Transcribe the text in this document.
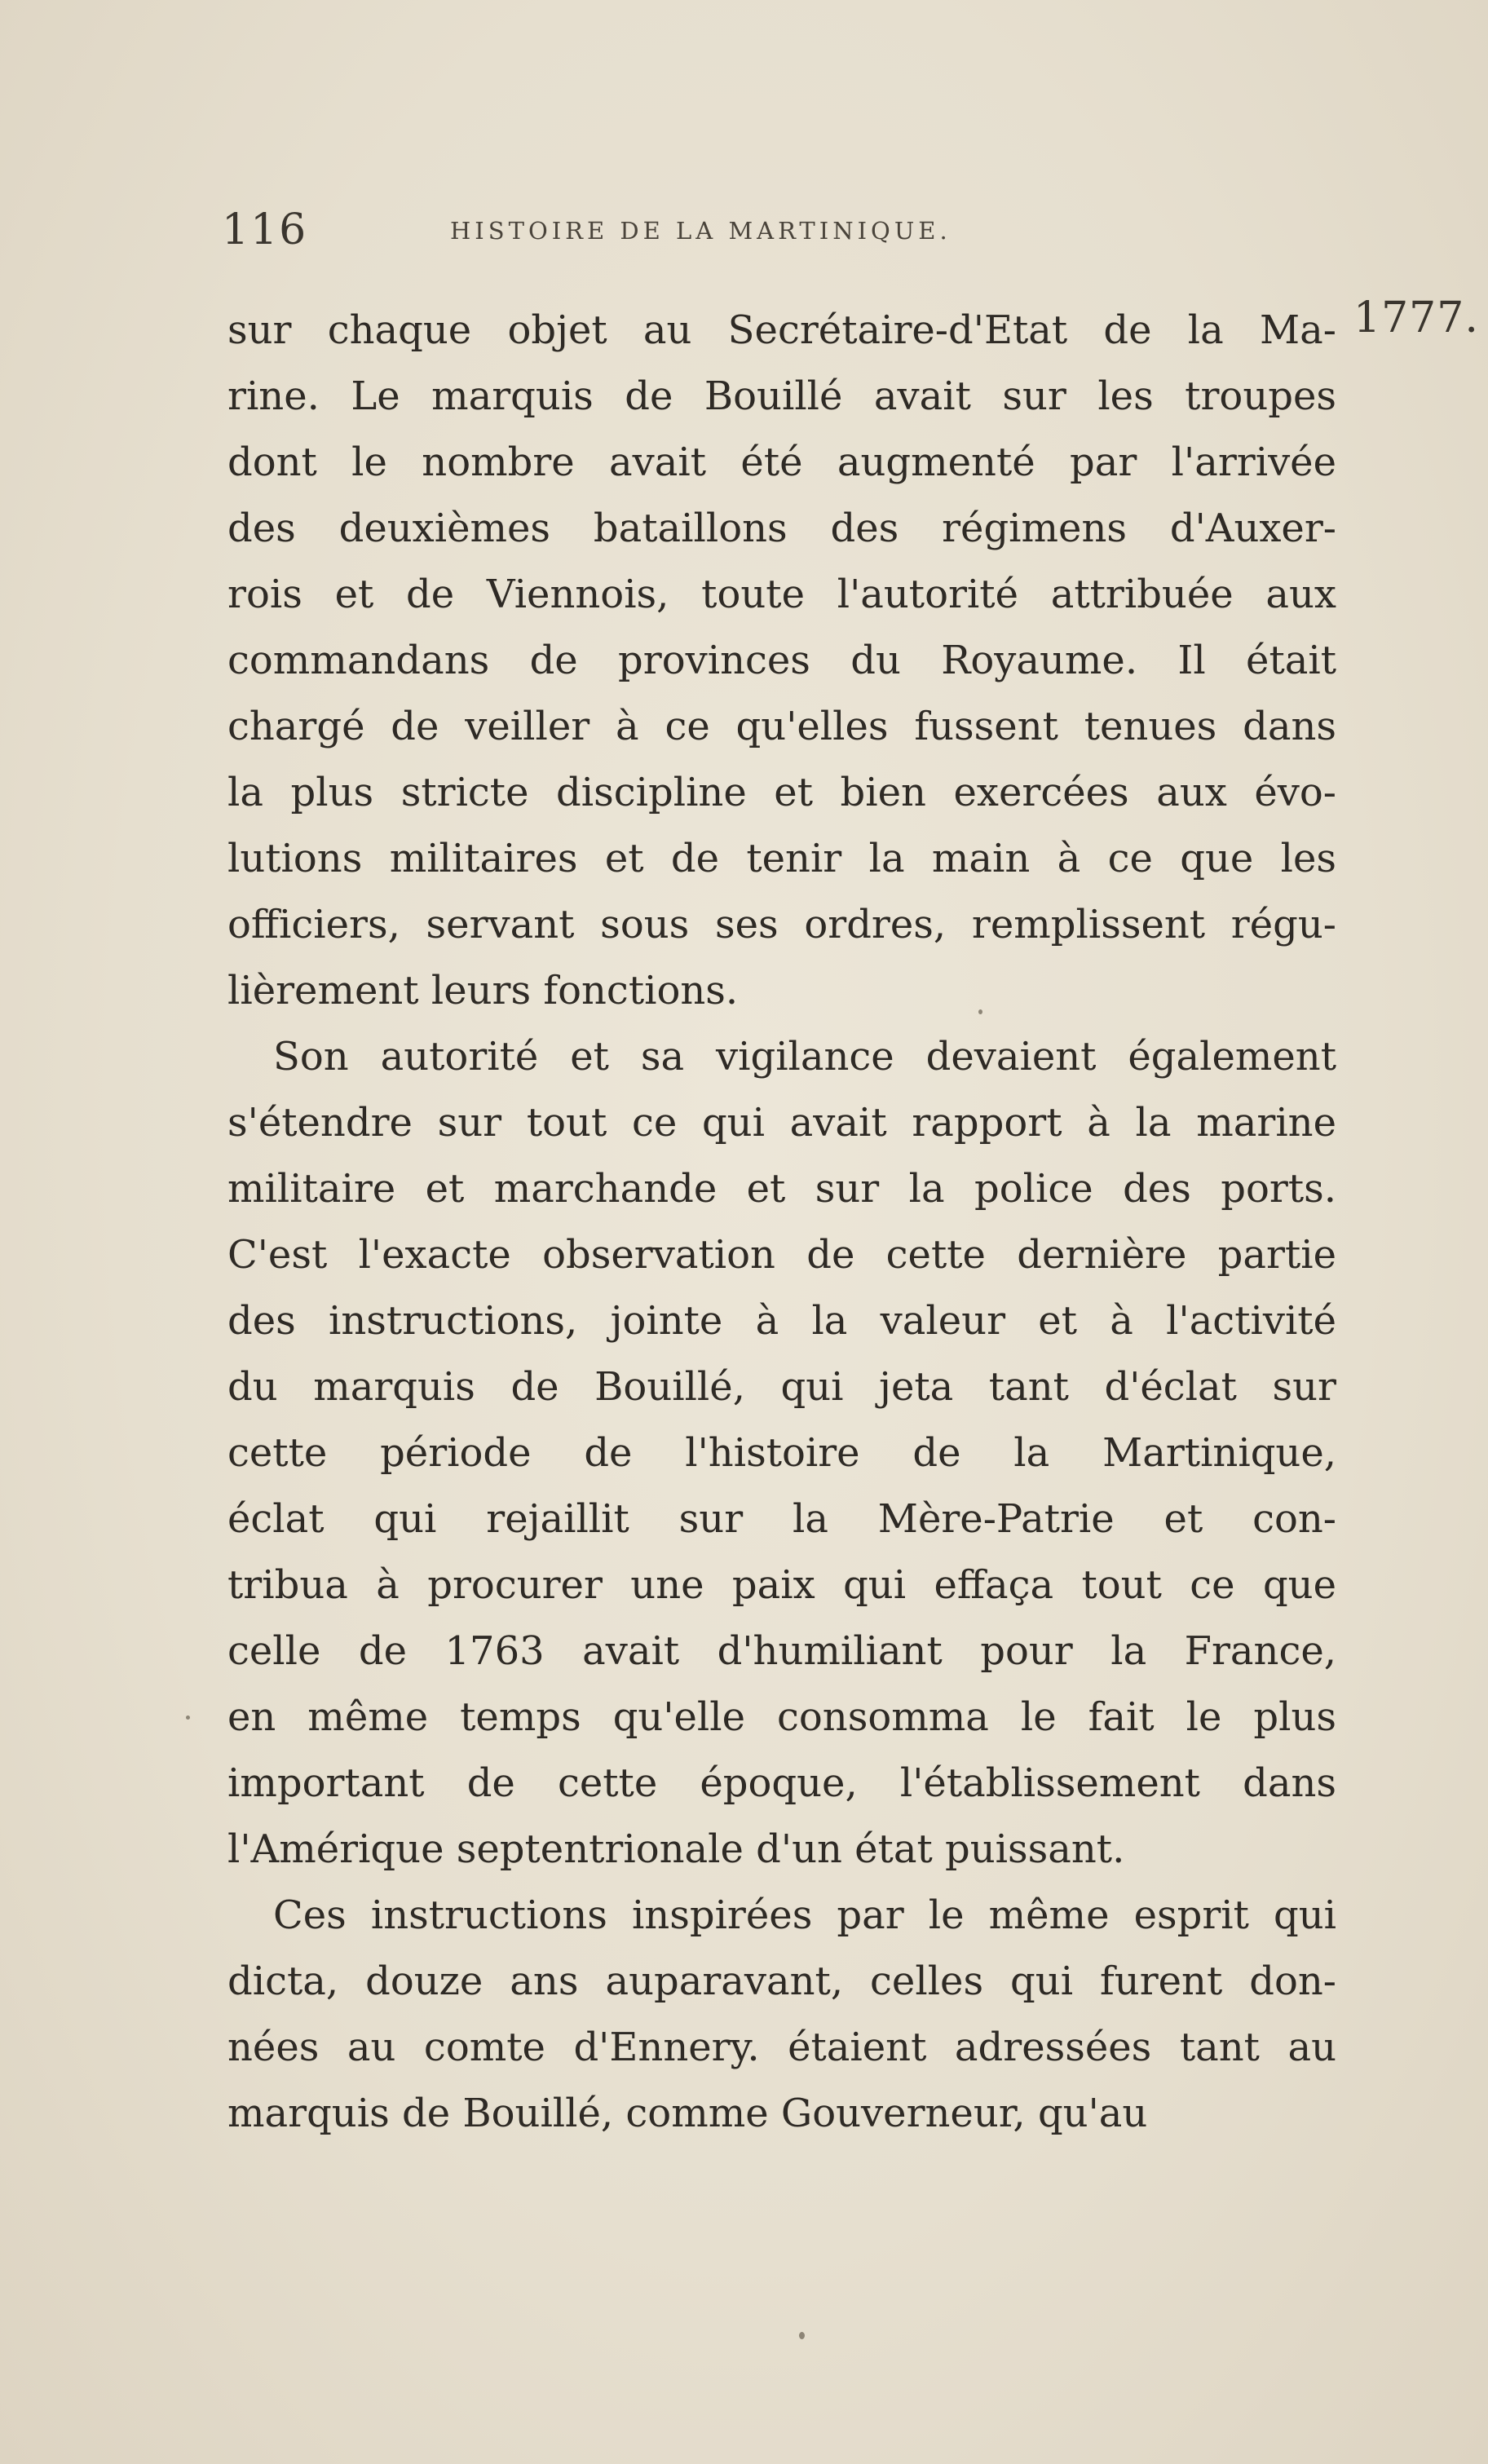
116	HISTOIRE DE LA MARTINIQUE.
1777.
sur chaque objet au Secrétaire-d'Etat de la Ma-
rine. Le marquis de Bouillé avait sur les troupes
dont le nombre avait été augmenté par l'arrivée
des deuxièmes bataillons des régimens d'Auxer-
rois et de Viennois, toute l'autorité attribuée aux
commandans de provinces du Royaume. Il était
chargé de veiller à ce qu'elles fussent tenues dans
la plus stricte discipline et bien exercées aux évo-
lutions militaires et de tenir la main à ce que les
officiers, servant sous ses ordres, remplissent régu-
lièrement leurs fonctions.
Son autorité et sa vigilance devaient également
s'étendre sur tout ce qui avait rapport à la marine
militaire et marchande et sur la police des ports.
C'est l'exacte observation de cette dernière partie
des instructions, jointe à la valeur et à l'activité
du marquis de Bouillé, qui jeta tant d'éclat sur
cette période de l'histoire de la Martinique,
éclat qui rejaillit sur la Mère-Patrie et con-
tribua à procurer une paix qui effaça tout ce que
celle de 1763 avait d'humiliant pour la France,
en même temps qu'elle consomma le fait le plus
important de cette époque, l'établissement dans
l'Amérique septentrionale d'un état puissant.
Ces instructions inspirées par le même esprit qui
dicta, douze ans auparavant, celles qui furent don-
nées au comte d'Ennery. étaient adressées tant au
marquis de Bouillé, comme Gouverneur, qu'au
